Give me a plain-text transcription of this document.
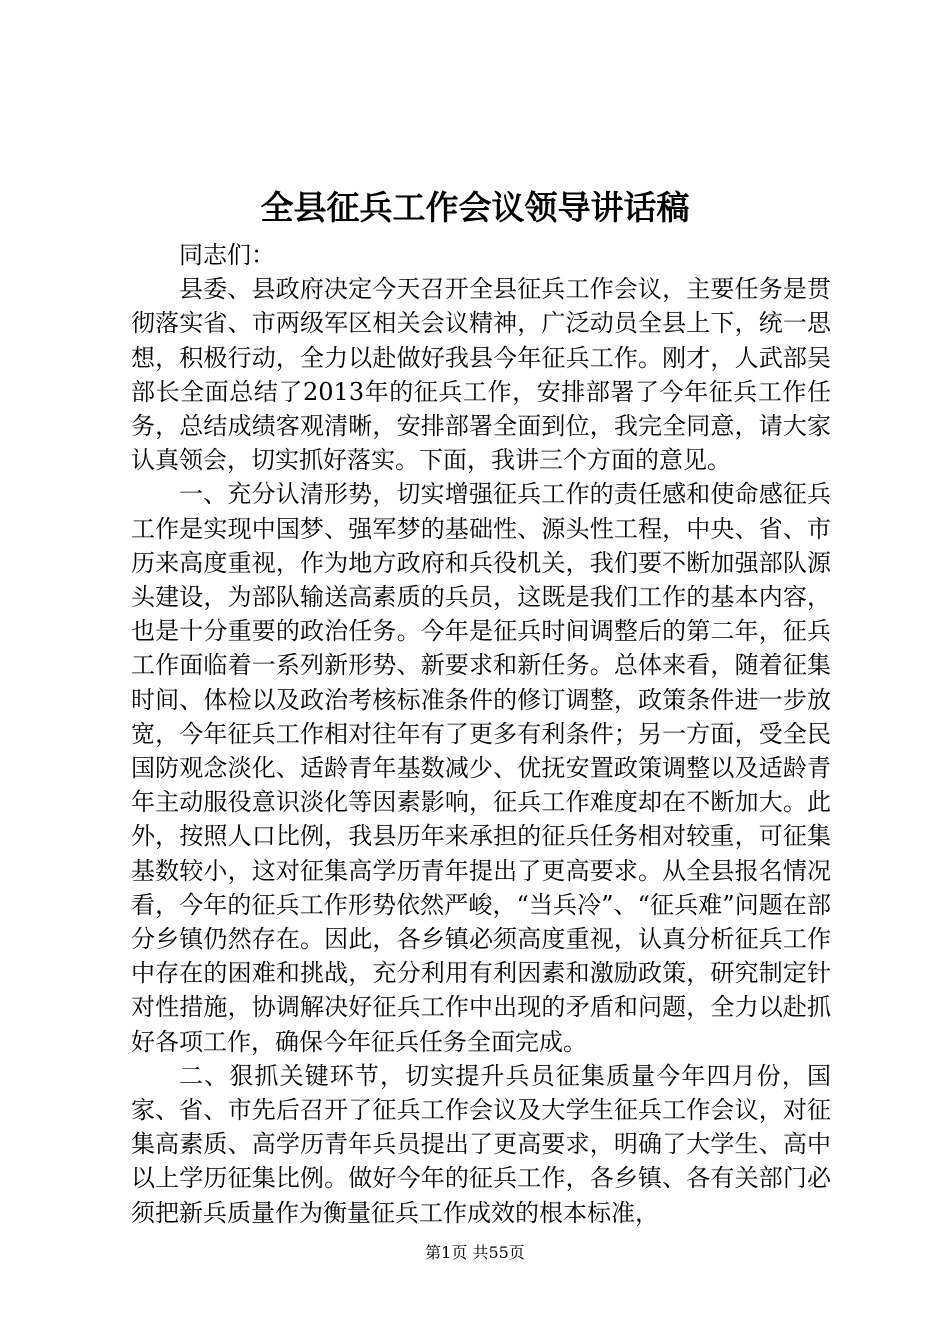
全县征兵工作会议领导讲话稿

同志们：

县委、县政府决定今天召开全县征兵工作会议，主要任务是贯彻落实省、市两级军区相关会议精神，广泛动员全县上下，统一思想，积极行动，全力以赴做好我县今年征兵工作。刚才，人武部吴部长全面总结了2013年的征兵工作，安排部署了今年征兵工作任务，总结成绩客观清晰，安排部署全面到位，我完全同意，请大家认真领会，切实抓好落实。下面，我讲三个方面的意见。

一、充分认清形势，切实增强征兵工作的责任感和使命感征兵工作是实现中国梦、强军梦的基础性、源头性工程，中央、省、市历来高度重视，作为地方政府和兵役机关，我们要不断加强部队源头建设，为部队输送高素质的兵员，这既是我们工作的基本内容，也是十分重要的政治任务。今年是征兵时间调整后的第二年，征兵工作面临着一系列新形势、新要求和新任务。总体来看，随着征集时间、体检以及政治考核标准条件的修订调整，政策条件进一步放宽，今年征兵工作相对往年有了更多有利条件；另一方面，受全民国防观念淡化、适龄青年基数减少、优抚安置政策调整以及适龄青年主动服役意识淡化等因素影响，征兵工作难度却在不断加大。此外，按照人口比例，我县历年来承担的征兵任务相对较重，可征集基数较小，这对征集高学历青年提出了更高要求。从全县报名情况看，今年的征兵工作形势依然严峻，“当兵冷”、“征兵难”问题在部分乡镇仍然存在。因此，各乡镇必须高度重视，认真分析征兵工作中存在的困难和挑战，充分利用有利因素和激励政策，研究制定针对性措施，协调解决好征兵工作中出现的矛盾和问题，全力以赴抓好各项工作，确保今年征兵任务全面完成。

二、狠抓关键环节，切实提升兵员征集质量今年四月份，国家、省、市先后召开了征兵工作会议及大学生征兵工作会议，对征集高素质、高学历青年兵员提出了更高要求，明确了大学生、高中以上学历征集比例。做好今年的征兵工作，各乡镇、各有关部门必须把新兵质量作为衡量征兵工作成效的根本标准，

第1页 共55页
